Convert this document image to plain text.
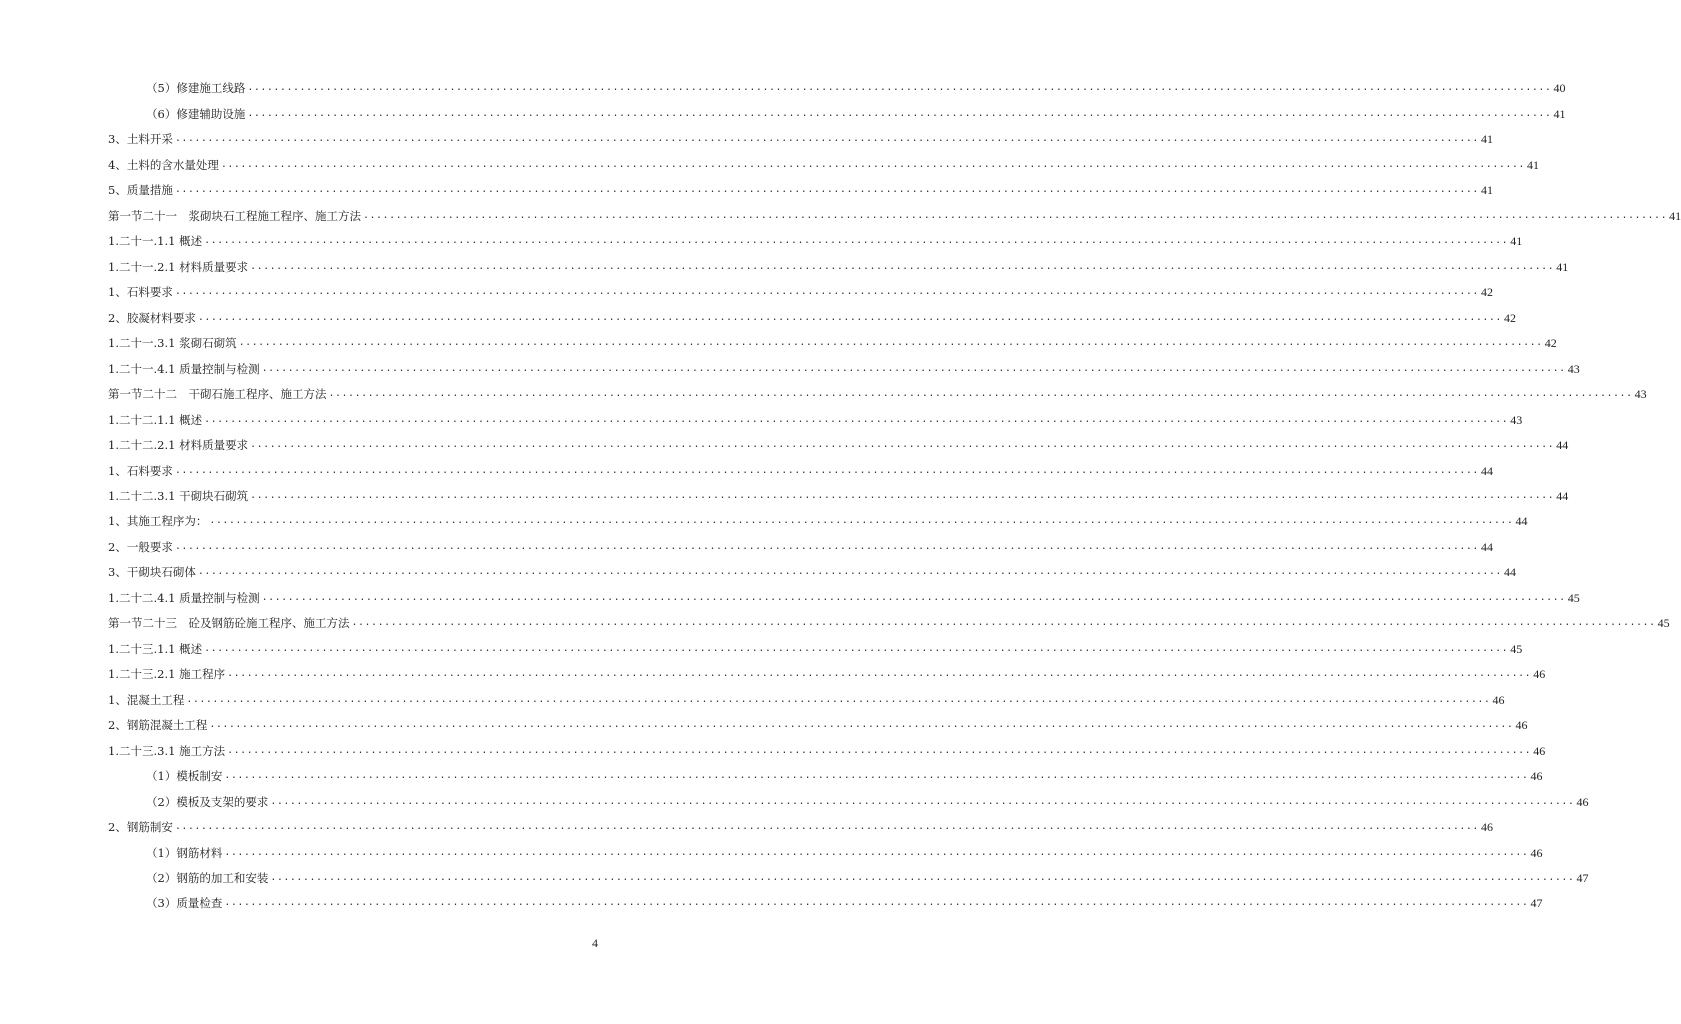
（5）修建施工线路 ........................................................................................................................................................................................................ 40
（6）修建辅助设施 ........................................................................................................................................................................................................ 41
3、土料开采 ........................................................................................................................................................................................................ 41
4、土料的含水量处理 ........................................................................................................................................................................................................ 41
5、质量措施 ........................................................................................................................................................................................................ 41
第一节二十一　浆砌块石工程施工程序、施工方法 ........................................................................................................................................................................................................ 41
1.二十一.1.1 概述 ........................................................................................................................................................................................................ 41
1.二十一.2.1 材料质量要求 ........................................................................................................................................................................................................ 41
1、石料要求 ........................................................................................................................................................................................................ 42
2、胶凝材料要求 ........................................................................................................................................................................................................ 42
1.二十一.3.1 浆砌石砌筑 ........................................................................................................................................................................................................ 42
1.二十一.4.1 质量控制与检测 ........................................................................................................................................................................................................ 43
第一节二十二　干砌石施工程序、施工方法 ........................................................................................................................................................................................................ 43
1.二十二.1.1 概述 ........................................................................................................................................................................................................ 43
1.二十二.2.1 材料质量要求 ........................................................................................................................................................................................................ 44
1、石料要求 ........................................................................................................................................................................................................ 44
1.二十二.3.1 干砌块石砌筑 ........................................................................................................................................................................................................ 44
1、其施工程序为： ........................................................................................................................................................................................................ 44
2、一般要求 ........................................................................................................................................................................................................ 44
3、干砌块石砌体 ........................................................................................................................................................................................................ 44
1.二十二.4.1 质量控制与检测 ........................................................................................................................................................................................................ 45
第一节二十三　砼及钢筋砼施工程序、施工方法 ........................................................................................................................................................................................................ 45
1.二十三.1.1 概述 ........................................................................................................................................................................................................ 45
1.二十三.2.1 施工程序 ........................................................................................................................................................................................................ 46
1、混凝土工程 ........................................................................................................................................................................................................ 46
2、钢筋混凝土工程 ........................................................................................................................................................................................................ 46
1.二十三.3.1 施工方法 ........................................................................................................................................................................................................ 46
（1）模板制安 ........................................................................................................................................................................................................ 46
（2）模板及支架的要求 ........................................................................................................................................................................................................ 46
2、钢筋制安 ........................................................................................................................................................................................................ 46
（1）钢筋材料 ........................................................................................................................................................................................................ 46
（2）钢筋的加工和安装 ........................................................................................................................................................................................................ 47
（3）质量检查 ........................................................................................................................................................................................................ 47
4
